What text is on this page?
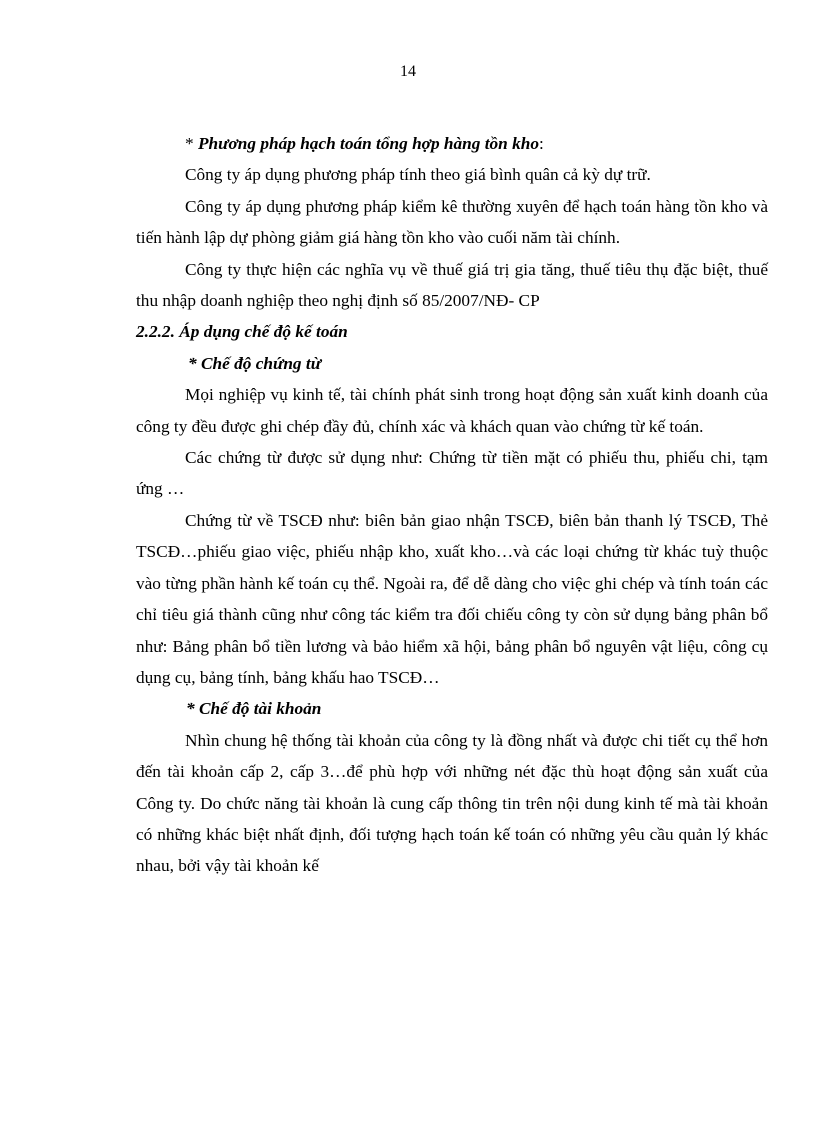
14

* Phương pháp hạch toán tổng hợp hàng tồn kho:

Công ty áp dụng phương pháp tính theo giá bình quân cả kỳ dự trữ.

Công ty áp dụng phương pháp kiểm kê thường xuyên để hạch toán hàng tồn kho và tiến hành lập dự phòng giảm giá hàng tồn kho vào cuối năm tài chính.

Công ty thực hiện các nghĩa vụ về thuế giá trị gia tăng, thuế tiêu thụ đặc biệt, thuế thu nhập doanh nghiệp theo nghị định số 85/2007/NĐ- CP

2.2.2. Áp dụng chế độ kế toán

* Chế độ chứng từ

Mọi nghiệp vụ kinh tế, tài chính phát sinh trong hoạt động sản xuất kinh doanh của công ty đều được ghi chép đầy đủ, chính xác và khách quan vào chứng từ kế toán.

Các chứng từ được sử dụng như: Chứng từ tiền mặt có phiếu thu, phiếu chi, tạm ứng …

Chứng từ về TSCĐ như: biên bản giao nhận TSCĐ, biên bản thanh lý TSCĐ, Thẻ TSCĐ…phiếu giao việc, phiếu nhập kho, xuất kho…và các loại chứng từ khác tuỳ thuộc vào từng phần hành kế toán cụ thể. Ngoài ra, để dễ dàng cho việc ghi chép và tính toán các chỉ tiêu giá thành cũng như công tác kiểm tra đối chiếu công ty còn sử dụng bảng phân bổ như: Bảng phân bổ tiền lương và bảo hiểm xã hội, bảng phân bổ nguyên vật liệu, công cụ dụng cụ, bảng tính, bảng khấu hao TSCĐ…

* Chế độ tài khoản

Nhìn chung hệ thống tài khoản của công ty là đồng nhất và được chi tiết cụ thể hơn đến tài khoản cấp 2, cấp 3…để phù hợp với những nét đặc thù hoạt động sản xuất của Công ty. Do chức năng tài khoản là cung cấp thông tin trên nội dung kinh tế mà tài khoản có những khác biệt nhất định, đối tượng hạch toán kế toán có những yêu cầu quản lý khác nhau, bởi vậy tài khoản kế
